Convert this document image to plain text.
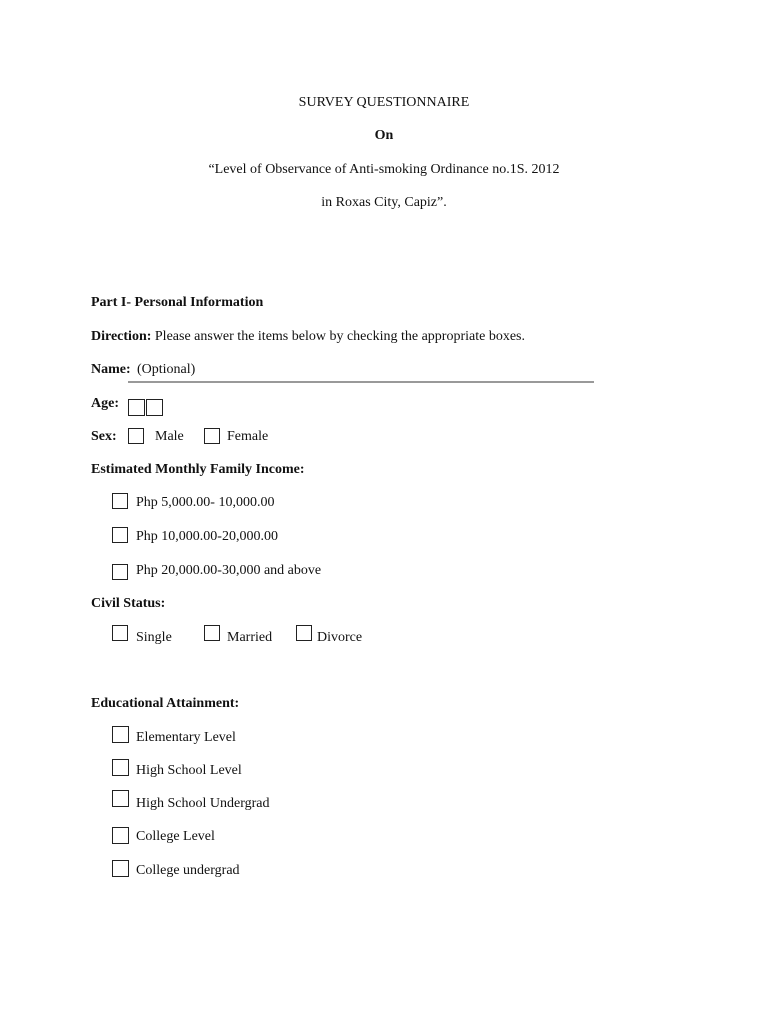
SURVEY QUESTIONNAIRE
On
“Level of Observance of Anti-smoking Ordinance no.1S. 2012
in Roxas City, Capiz”.
Part I- Personal Information
Direction: Please answer the items below by checking the appropriate boxes.
Name: (Optional)
Age:
Sex:	Male	Female
Estimated Monthly Family Income:
Php 5,000.00- 10,000.00
Php 10,000.00-20,000.00
Php 20,000.00-30,000 and above
Civil Status:
Single	Married	Divorce
Educational Attainment:
Elementary Level
High School Level
High School Undergrad
College Level
College undergrad
